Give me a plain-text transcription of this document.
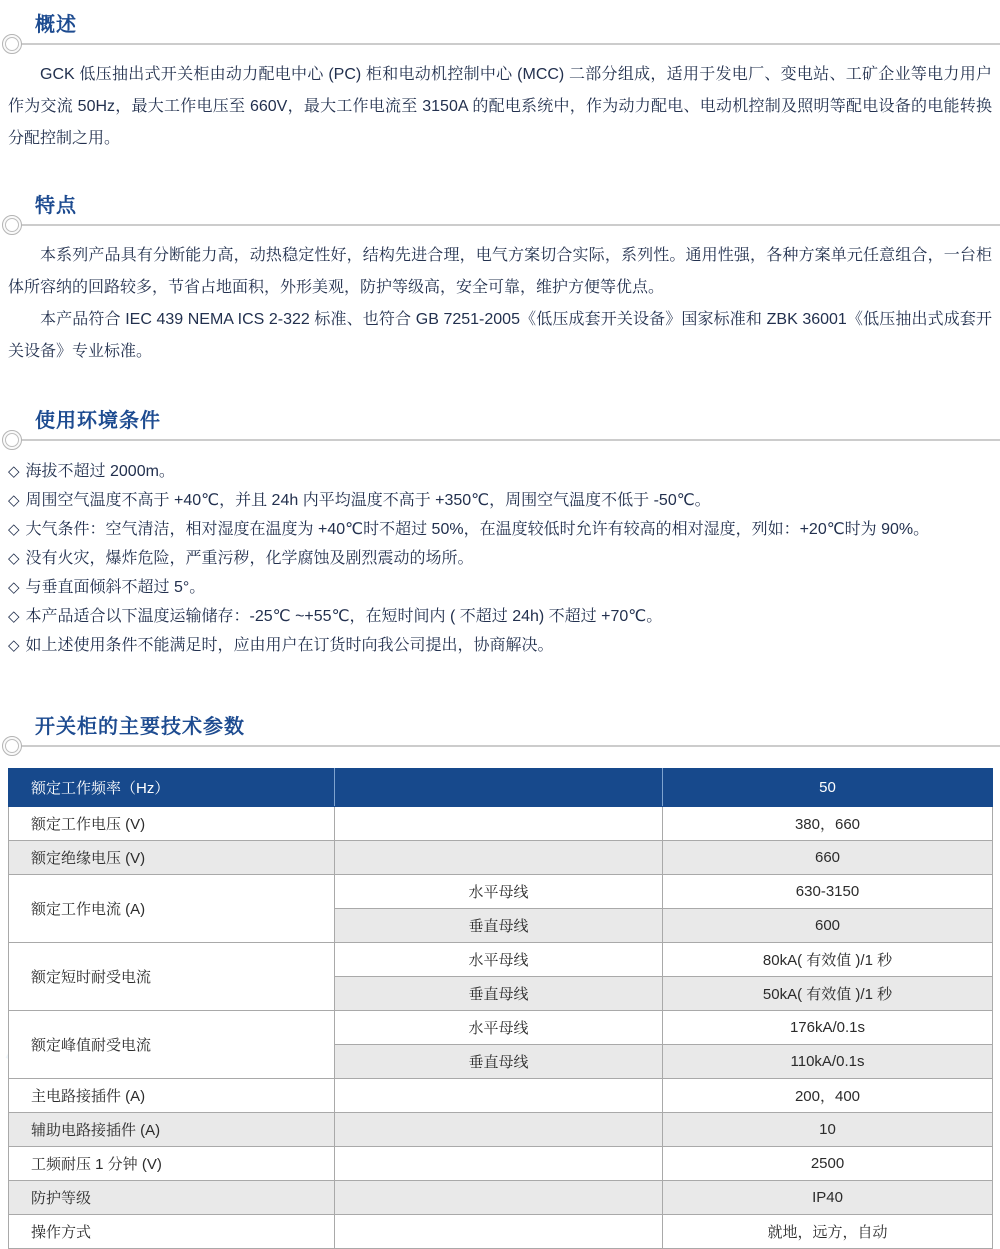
概述

GCK 低压抽出式开关柜由动力配电中心 (PC) 柜和电动机控制中心 (MCC) 二部分组成，适用于发电厂、变电站、工矿企业等电力用户作为交流 50Hz，最大工作电压至 660V，最大工作电流至 3150A 的配电系统中，作为动力配电、电动机控制及照明等配电设备的电能转换分配控制之用。

特点

本系列产品具有分断能力高，动热稳定性好，结构先进合理，电气方案切合实际，系列性。通用性强，各种方案单元任意组合，一台柜体所容纳的回路较多，节省占地面积，外形美观，防护等级高，安全可靠，维护方便等优点。

本产品符合 IEC 439 NEMA ICS 2-322 标准、也符合 GB 7251-2005《低压成套开关设备》国家标准和 ZBK 36001《低压抽出式成套开关设备》专业标准。

使用环境条件
◇ 海拔不超过 2000m。
◇ 周围空气温度不高于 +40℃，并且 24h 内平均温度不高于 +350℃，周围空气温度不低于 -50℃。
◇ 大气条件：空气清洁，相对湿度在温度为 +40℃时不超过 50%，在温度较低时允许有较高的相对湿度，列如：+20℃时为 90%。
◇ 没有火灾，爆炸危险，严重污秽，化学腐蚀及剧烈震动的场所。
◇ 与垂直面倾斜不超过 5°。
◇ 本产品适合以下温度运输储存：-25℃ ~+55℃，在短时间内 ( 不超过 24h) 不超过 +70℃。
◇ 如上述使用条件不能满足时，应由用户在订货时向我公司提出，协商解决。
开关柜的主要技术参数
额定工作频率（Hz）		50
额定工作电压 (V)		380，660
额定绝缘电压 (V)		660
额定工作电流 (A)	水平母线	630-3150
	垂直母线	600
额定短时耐受电流	水平母线	80kA( 有效值 )/1 秒
	垂直母线	50kA( 有效值 )/1 秒
额定峰值耐受电流	水平母线	176kA/0.1s
	垂直母线	110kA/0.1s
主电路接插件 (A)		200，400
辅助电路接插件 (A)		10
工频耐压 1 分钟 (V)		2500
防护等级		IP40
操作方式		就地，远方，自动
